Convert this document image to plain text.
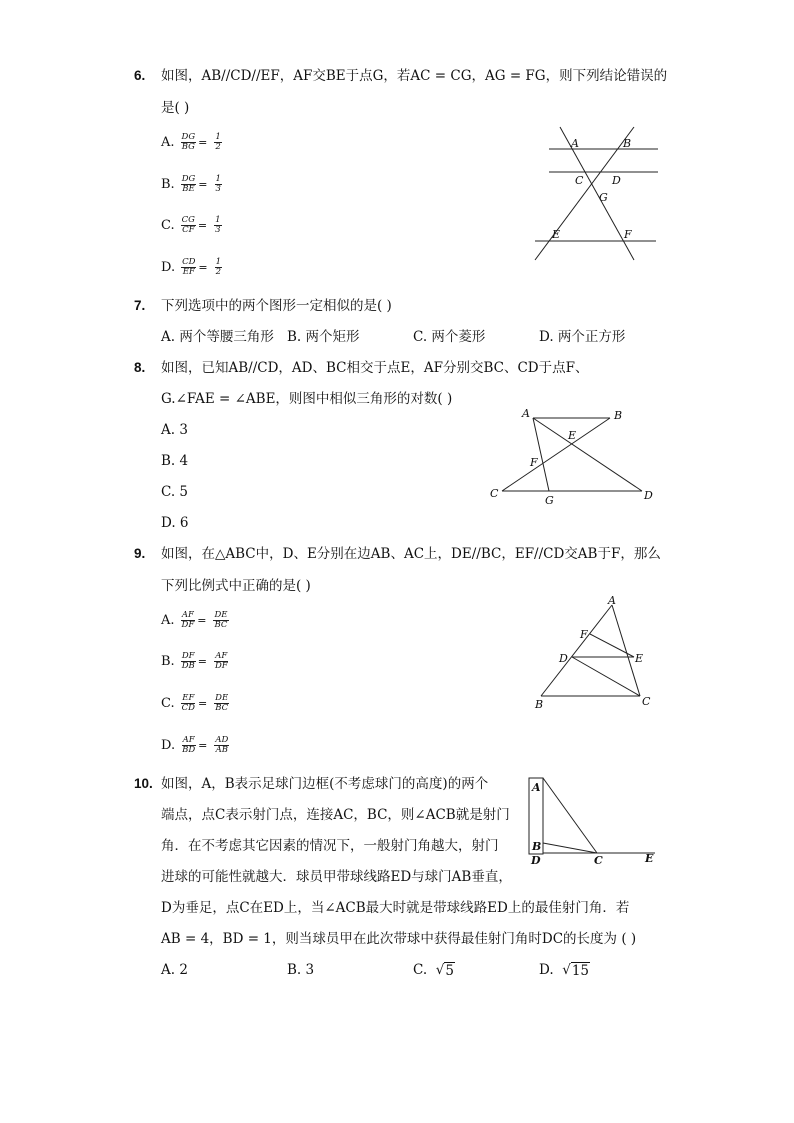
6. 如图，AB//CD//EF，AF交BE于点G，若AC = CG，AG = FG，则下列结论错误的
是( )
A. $\frac{DG}{BG} = \frac{1}{2}$
B. $\frac{DG}{BE} = \frac{1}{3}$
C. $\frac{CG}{CF} = \frac{1}{3}$
D. $\frac{CD}{EF} = \frac{1}{2}$
A	B
C	D
G
E	F
7. 下列选项中的两个图形一定相似的是( )
A. 两个等腰三角形 B. 两个矩形	C. 两个菱形	D. 两个正方形
8. 如图，已知AB//CD，AD、BC相交于点E，AF分别交BC、CD于点F、
G.∠FAE = ∠ABE，则图中相似三角形的对数( )
A. 3
B. 4
C. 5
D. 6
A	B
E
F
C
G	D
9. 如图，在△ABC中，D、E分别在边AB、AC上，DE//BC，EF//CD交AB于F，那么
下列比例式中正确的是( )
A. $\frac{AF}{DF} = \frac{DE}{BC}$
B. $\frac{DF}{DB} = \frac{AF}{DF}$
C. $\frac{EF}{CD} = \frac{DE}{BC}$
D. $\frac{AF}{BD} = \frac{AD}{AB}$
A
F
D	E
B	C
10. 如图，A，B表示足球门边框(不考虑球门的高度)的两个
端点，点C表示射门点，连接AC，BC，则∠ACB就是射门
角．在不考虑其它因素的情况下，一般射门角越大，射门
进球的可能性就越大．球员甲带球线路ED与球门AB垂直，
D为垂足，点C在ED上，当∠ACB最大时就是带球线路ED上的最佳射门角．若
AB = 4，BD = 1，则当球员甲在此次带球中获得最佳射门角时DC的长度为 ( )
A. 2	B. 3	C. √ 5	D. √ 15
A
B
D	C	E
